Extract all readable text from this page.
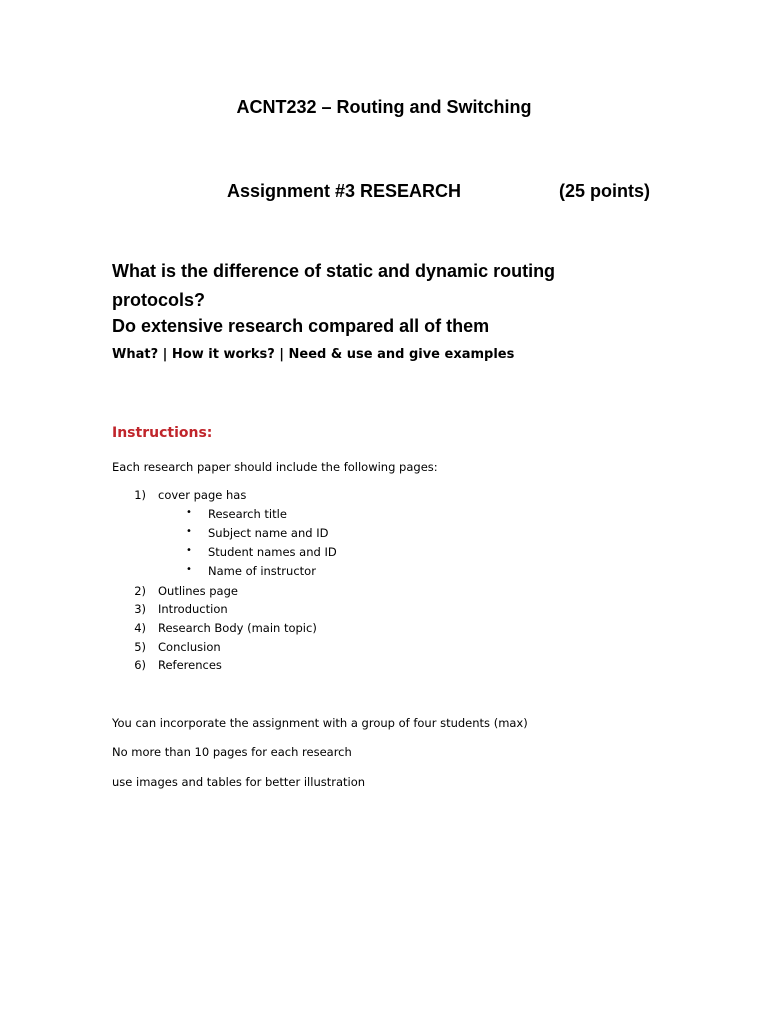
ACNT232 – Routing and Switching
Assignment #3 RESEARCH	(25 points)
What is the difference of static and dynamic routing
protocols?
Do extensive research compared all of them
What? | How it works? | Need & use and give examples
Instructions:
Each research paper should include the following pages:
1) cover page has
• Research title
• Subject name and ID
• Student names and ID
• Name of instructor
2) Outlines page
3) Introduction
4) Research Body (main topic)
5) Conclusion
6) References
You can incorporate the assignment with a group of four students (max)
No more than 10 pages for each research
use images and tables for better illustration
